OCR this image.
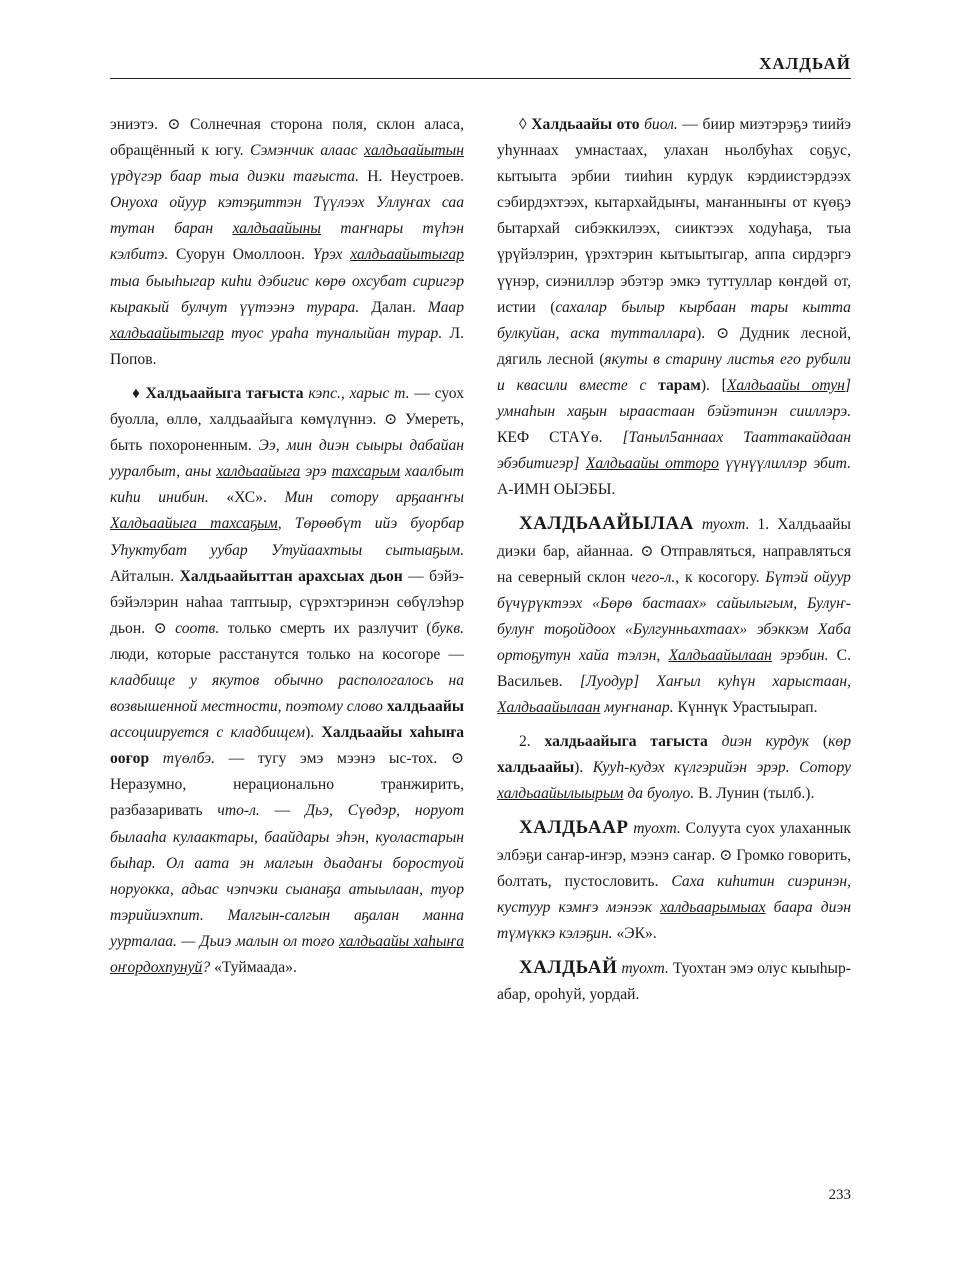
ХАЛДЬАЙ

эниэтэ. ⊙ Солнечная сторона поля, склон аласа, обращённый к югу. Сэмэнчик алаас халдьаайытын үрдүгэр баар тыа диэки тағыста. Н. Неустроев. Онуоха ойуур кэтэҕиттэн Түүлээх Уллуҥах саа тутан баран халдьаайыны таҥнары түһэн кэлбитэ. Суорун Омоллоон. Үрэх халдьаайытыгар тыа быыһыгар киһи дэбигис көрө охсубат сиригэр кыракый булчут үүтээнэ турара. Далан. Маар халдьаайытыгар туос ураһа туналыйан турар. Л. Попов.

♦ Халдьаайыга тағыста кэпс., харыс т. — суох буолла, өллө, халдьаайыга көмүлүннэ. ⊙ Умереть, быть похороненным. Ээ, мин диэн сыыры дабайан ууралбыт, аны халдьаайыга эрэ тахсарым хаалбыт киһи инибин. «ХС». Мин сотору арҕааҥҥы Халдьаайыга тахсаҕым, Төрөөбүт ийэ буорбар Уһуктубат уубар Утуйаахтыы сытыаҕым. Айталын. Халдьаайыттан арахсыах дьон — бэйэ-бэйэлэрин наһаа таптыыр, сүрэхтэринэн сөбүлэһэр дьон. ⊙ соотв. только смерть их разлучит (букв. люди, которые расстанутся только на косогоре — кладбище у якутов обычно распологалось на возвышенной местности, поэтому слово халдьаайы ассоциируется с кладбищем). Халдьаайы хаһыҥа ооғор түөлбэ. — тугу эмэ мээнэ ыс-тох. ⊙ Неразумно, нерационально транжирить, разбазаривать что-л. — Дьэ, Сүөдэр, норуот былааһа кулаактары, баайдары эһэн, куоластарын быһар. Ол аата эн малгын дьадаҥы боростуой норуокка, адьас чэпчэки сыанаҕа атыылаан, туор тэрийиэхпит. Малгын-салгын аҕалан манна уурталаа. — Дьиэ малын ол тоғо халдьаайы хаһыҥа оҥордохпунуй? «Туймаада».

◊ Халдьаайы ото биол. — биир миэтэрэҕэ тиийэ уһуннаах умнастаах, улахан ньолбуһах соҕус, кытыыта эрбии тииһин курдук кэрдиистэрдээх сэбирдэхтээх, кытархайдыҥы, маҥанныҥы от күөҕэ бытархай сибэккилээх, сииктээх ходуһаҕа, тыа үрүйэлэрин, үрэхтэрин кытыытыгар, аппа сирдэргэ үүнэр, сиэниллэр эбэтэр эмкэ туттуллар көҥдөй от, истии (сахалар былыр кырбаан тары кытта булкуйан, аска тутталлара). ⊙ Дудник лесной, дягиль лесной (якуты в старину листья его рубили и квасили вместе с тарам). [Халдьаайы отун] умнаһын хаҕын ыраастаан бэйэтинэн сииллэрэ. КЕФ СТАҮө. [Таныл5аннаах Тааттакайдаан эбэбитигэр] Халдьаайы отторо үүнүүлиллэр эбит. А-ИМН ОЫЭБЫ.

ХАЛДЬААЙЫЛАА туохт. 1. Халдьаайы диэки бар, айаннаа. ⊙ Отправляться, направляться на северный склон чего-л., к косогору. Бүтэй ойуур бүчүрүктээх «Бөрө бастаах» сайылыгым, Булуҥ-булуҥ тоҕойдоох «Булгунньахтаах» эбэккэм Хаба ортоҕутун хайа тэлэн, Халдьаайылаан эрэбин. С. Васильев. [Луодур] Хаҥыл куһүн харыстаан, Халдьаайылаан муҥнанар. Күннүк Урастыырап.

2. халдьаайыга тағыста диэн курдук (көр халдьаайы). Кууһ-кудэх күлгэрийэн эрэр. Сотору халдьаайылыырым да буолуо. В. Лунин (тылб.).

ХАЛДЬААР туохт. Солуута суох улаханнык элбэҕи саҥар-иҥэр, мээнэ саҥар. ⊙ Громко говорить, болтать, пустословить. Саха киһитин сиэринэн, кустуур кэмҥэ мэнээк халдьаарымыах баара диэн түмүккэ кэлэҕин. «ЭК».

ХАЛДЬАЙ туохт. Туохтан эмэ олус кыыһыр-абар, ороһуй, уордай.

233
